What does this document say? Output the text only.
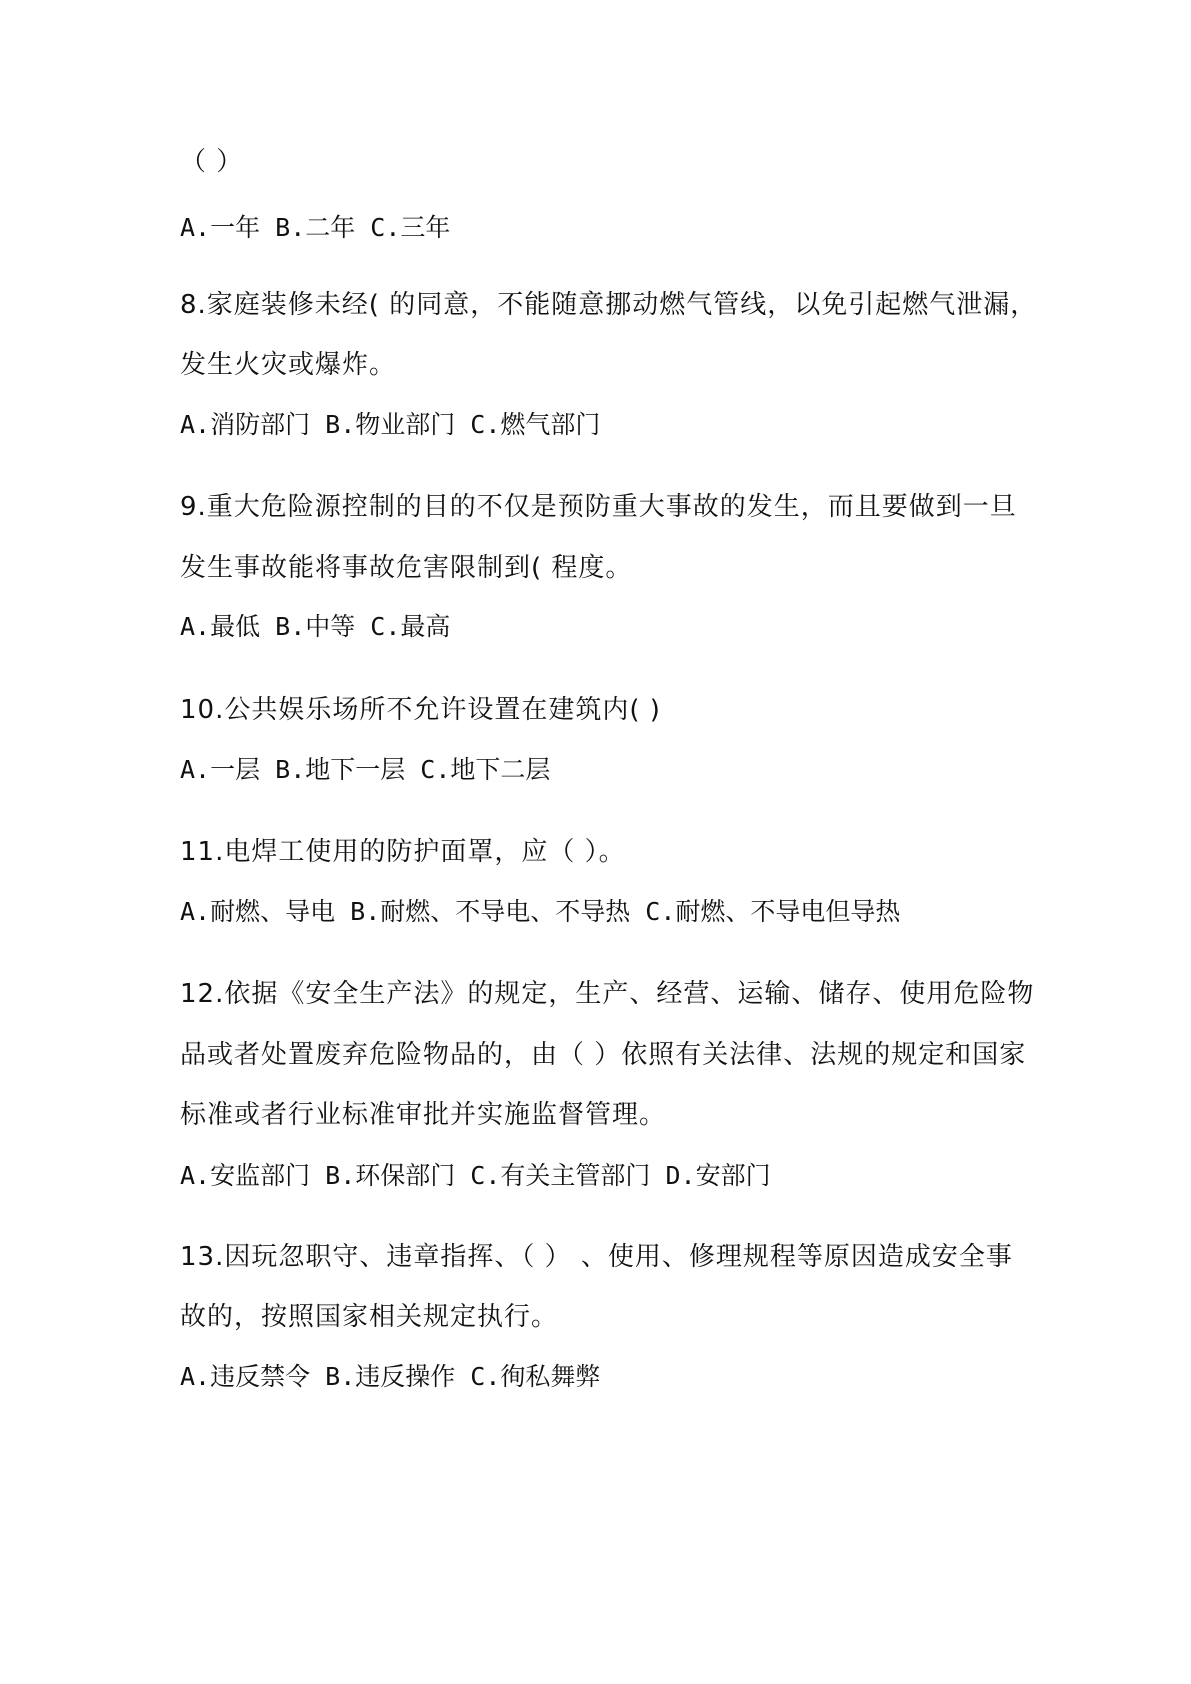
（ ）
A.一年 B.二年 C.三年
8.家庭装修未经( 的同意，不能随意挪动燃气管线，以免引起燃气泄漏，
发生火灾或爆炸。
A.消防部门 B.物业部门 C.燃气部门
9.重大危险源控制的目的不仅是预防重大事故的发生，而且要做到一旦
发生事故能将事故危害限制到( 程度。
A.最低 B.中等 C.最高
10.公共娱乐场所不允许设置在建筑内( )
A.一层 B.地下一层 C.地下二层
11.电焊工使用的防护面罩，应（ ）。
A.耐燃、导电 B.耐燃、不导电、不导热 C.耐燃、不导电但导热
12.依据《安全生产法》的规定，生产、经营、运输、储存、使用危险物
品或者处置废弃危险物品的，由（ ）依照有关法律、法规的规定和国家
标准或者行业标准审批并实施监督管理。
A.安监部门 B.环保部门 C.有关主管部门 D.安部门
13.因玩忽职守、违章指挥、（ ） 、使用、修理规程等原因造成安全事
故的，按照国家相关规定执行。
A.违反禁令 B.违反操作 C.徇私舞弊
